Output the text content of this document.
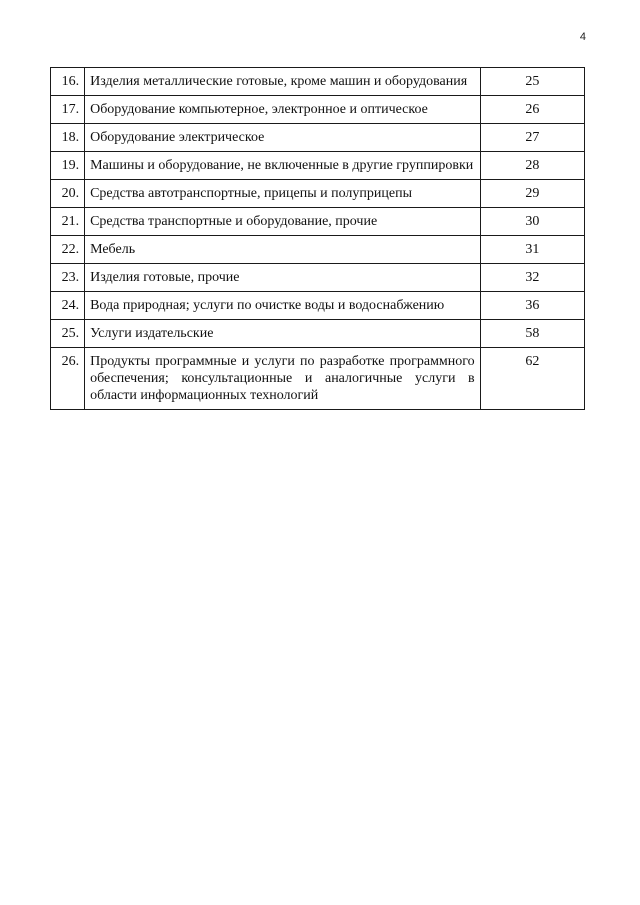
4
16.	Изделия металлические готовые, кроме машин и оборудования	25
17.	Оборудование компьютерное, электронное и оптическое	26
18.	Оборудование электрическое	27
19.	Машины и оборудование, не включенные в другие группировки	28
20.	Средства автотранспортные, прицепы и полуприцепы	29
21.	Средства транспортные и оборудование, прочие	30
22.	Мебель	31
23.	Изделия готовые, прочие	32
24.	Вода природная; услуги по очистке воды и водоснабжению	36
25.	Услуги издательские	58
26.	Продукты программные и услуги по разработке программного обеспечения; консультационные и аналогичные услуги в области информационных технологий	62
